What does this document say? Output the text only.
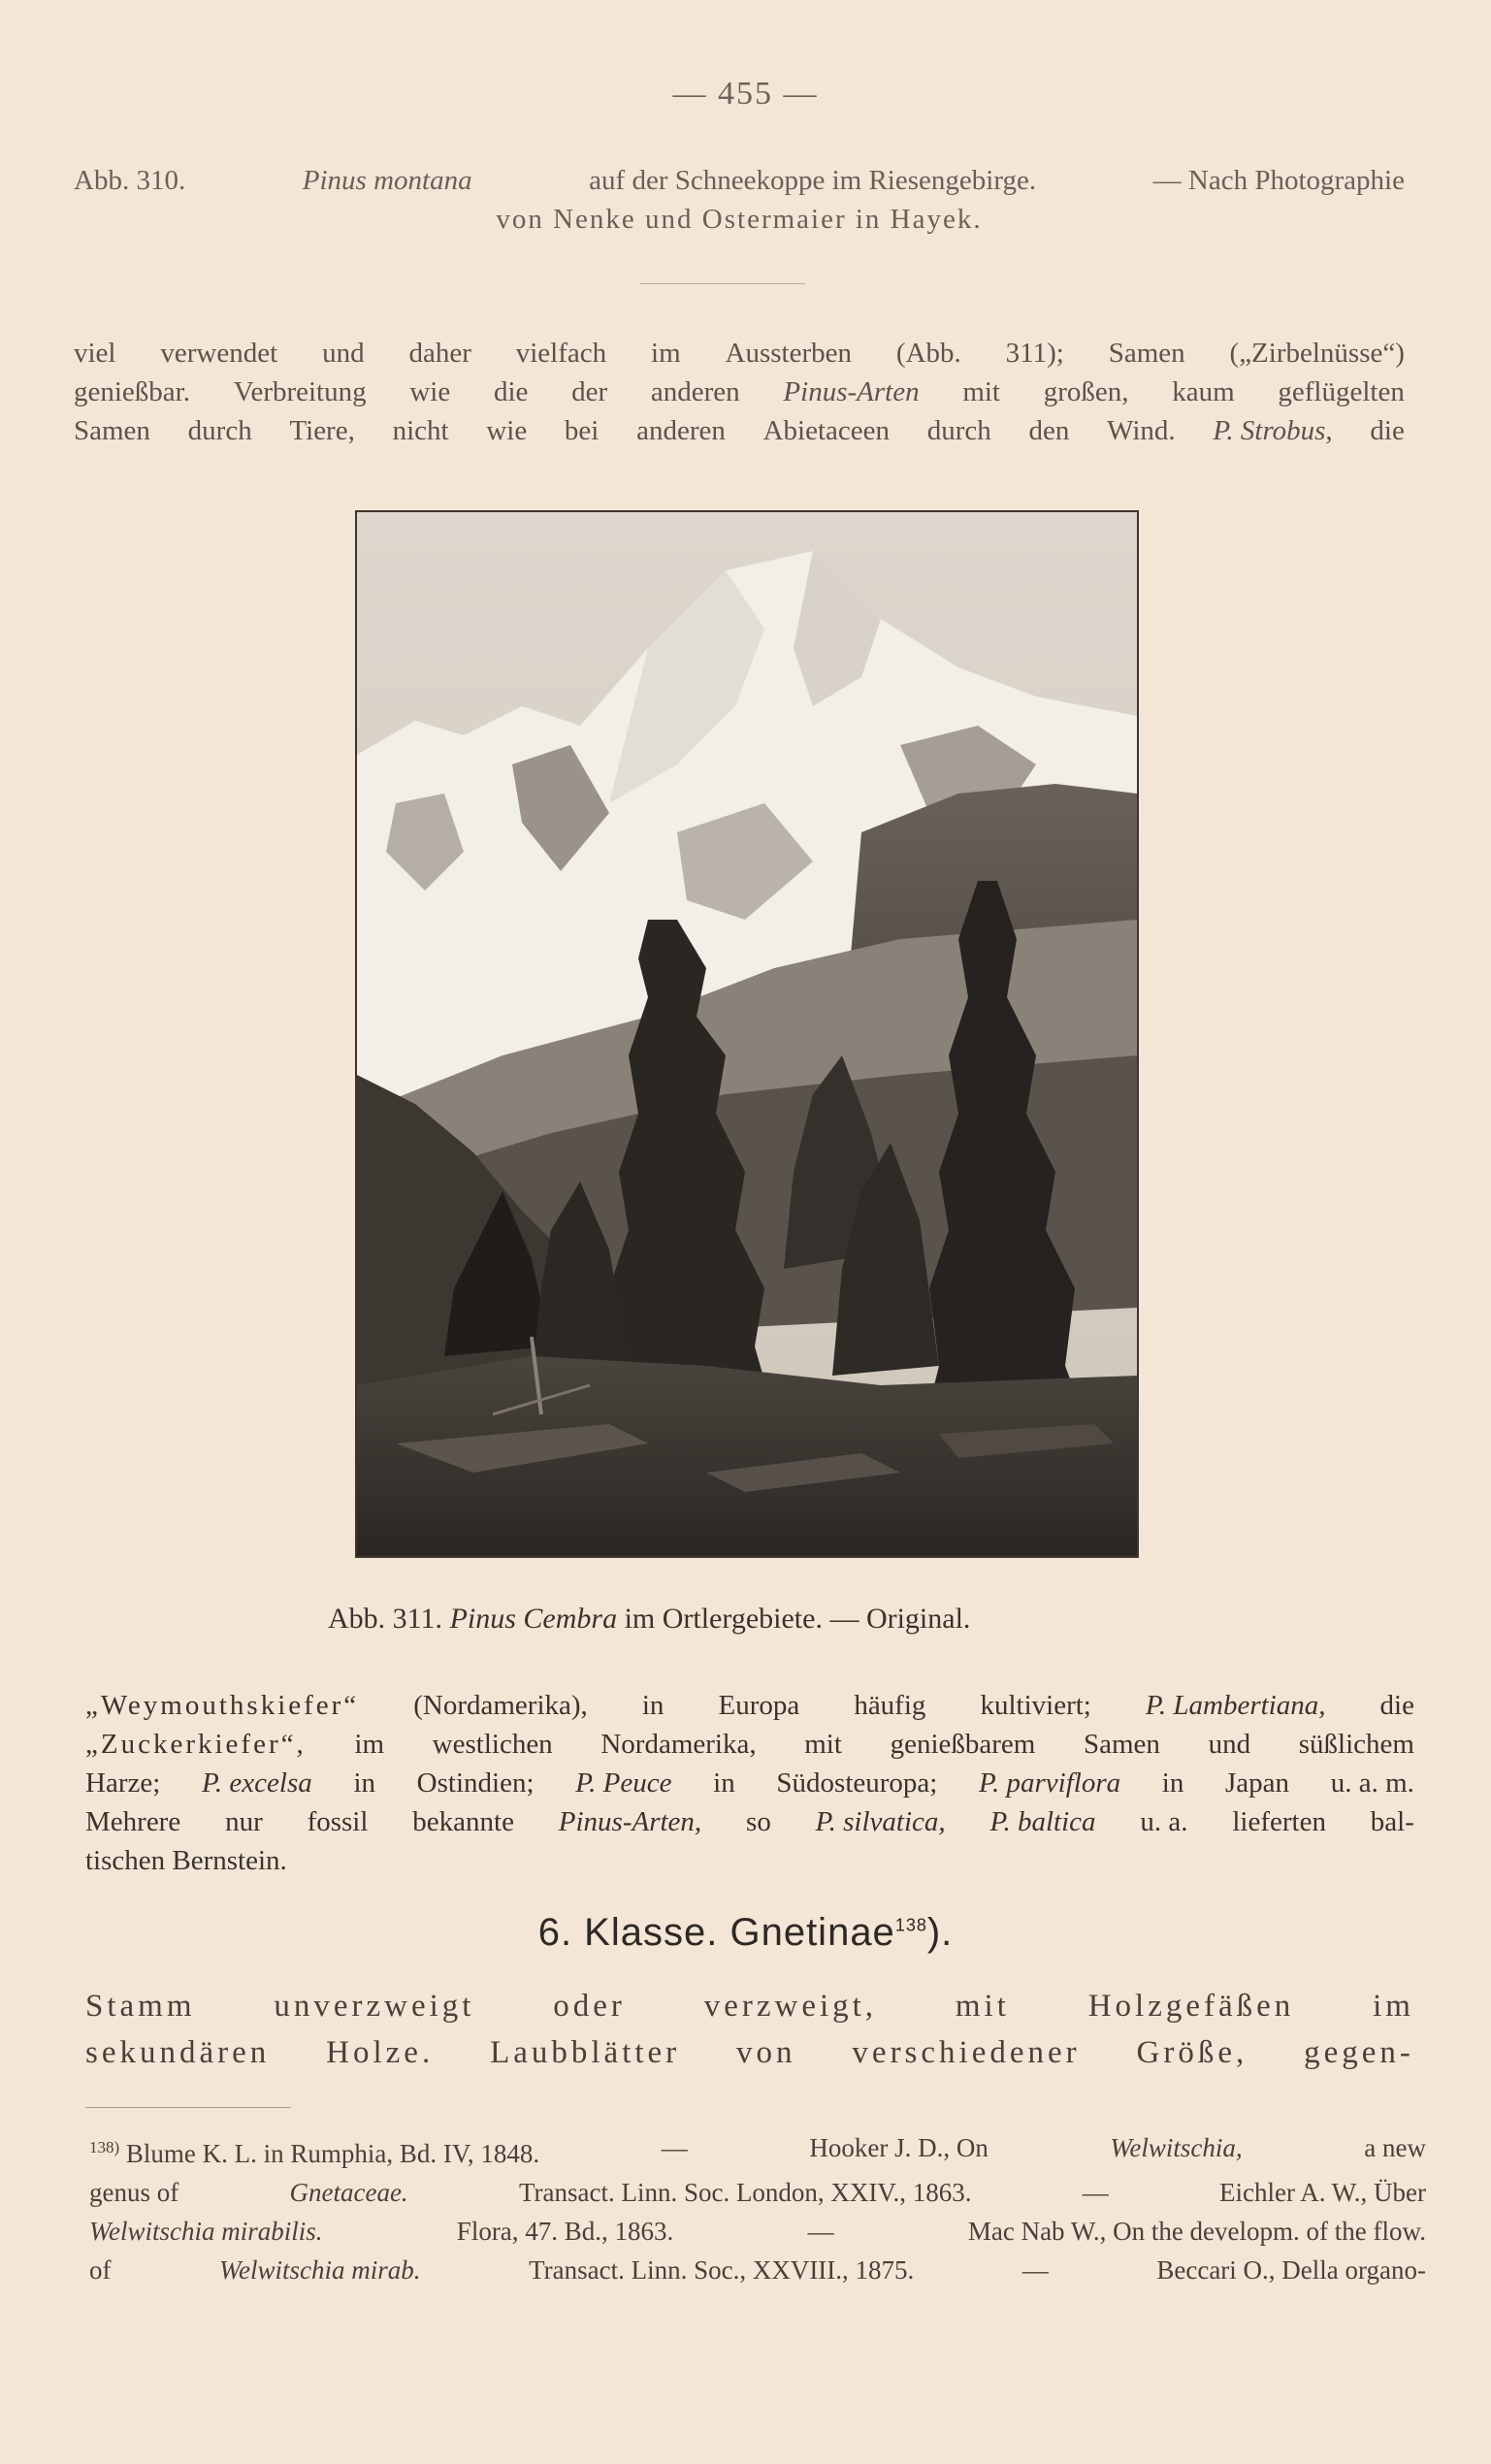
— 455 —
Abb. 310.	Pinus montana	auf der Schneekoppe im Riesengebirge.	— Nach Photographie
von Nenke und Ostermaier in Hayek.
viel verwendet und daher vielfach im Aussterben (Abb. 311); Samen („Zirbelnüsse“)
genießbar. Verbreitung wie die der anderen Pinus-Arten mit großen, kaum geflügelten
Samen durch Tiere, nicht wie bei anderen Abietaceen durch den Wind. P. Strobus, die
Abb. 311. Pinus Cembra im Ortlergebiete. — Original.
„Weymouthskiefer“ (Nordamerika), in Europa häufig kultiviert; P. Lambertiana, die
„Zuckerkiefer“, im westlichen Nordamerika, mit genießbarem Samen und süßlichem
Harze; P. excelsa in Ostindien; P. Peuce in Südosteuropa; P. parviflora in Japan u. a. m.
Mehrere nur fossil bekannte Pinus-Arten, so P. silvatica, P. baltica u. a. lieferten bal-
tischen Bernstein.
6. Klasse. Gnetinae$^{138}$).
Stamm unverzweigt oder verzweigt, mit Holzgefäßen im
sekundären Holze. Laubblätter von verschiedener Größe, gegen-
$^{138)}$ Blume K. L. in Rumphia, Bd. IV, 1848.	—	Hooker J. D., On	Welwitschia,	a new
genus of	Gnetaceae.	Transact. Linn. Soc. London, XXIV., 1863.	—	Eichler A. W., Über
Welwitschia mirabilis.	Flora, 47. Bd., 1863.	—	Mac Nab W., On the developm. of the flow.
of	Welwitschia mirab.	Transact. Linn. Soc., XXVIII., 1875.	—	Beccari O., Della organo-
